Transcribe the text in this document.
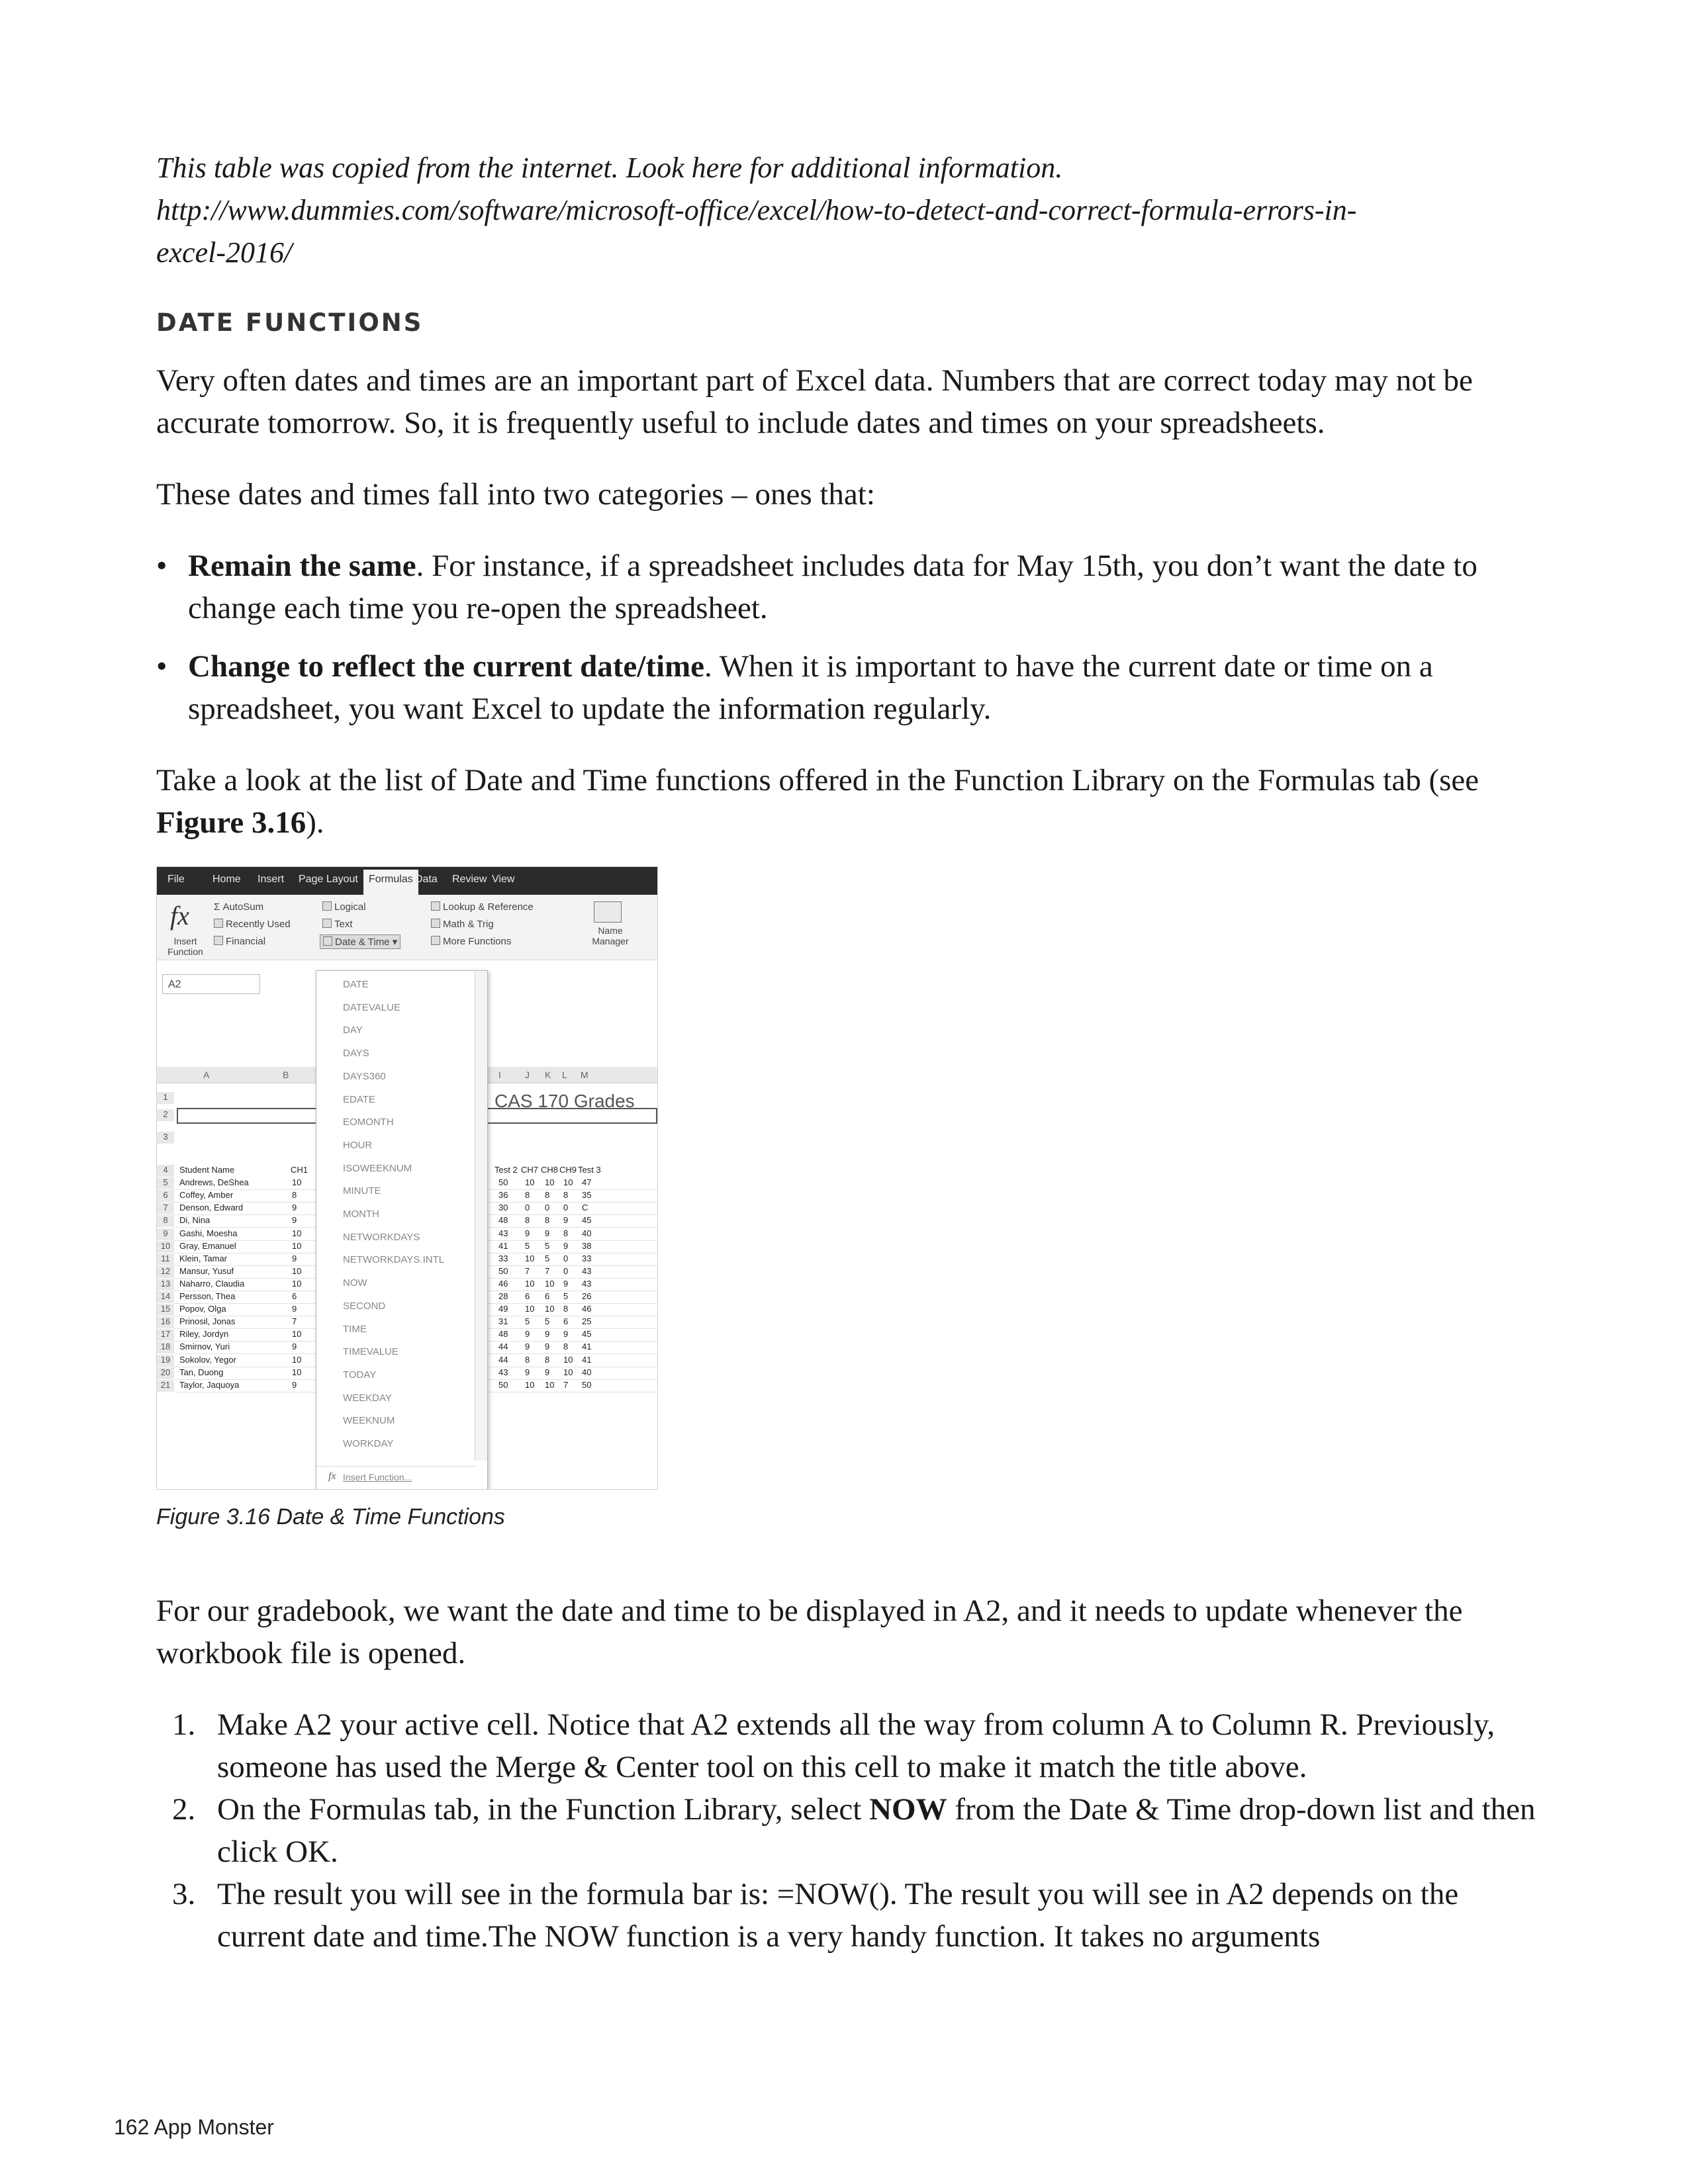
This table was copied from the internet. Look here for additional information.
http://www.dummies.com/software/microsoft-office/excel/how-to-detect-and-correct-formula-errors-in-
excel-2016/

DATE FUNCTIONS

Very often dates and times are an important part of Excel data. Numbers that are correct today may not be accurate tomorrow. So, it is frequently useful to include dates and times on your spreadsheets.

These dates and times fall into two categories – ones that:

• Remain the same. For instance, if a spreadsheet includes data for May 15th, you don’t want the date to change each time you re-open the spreadsheet.
• Change to reflect the current date/time. When it is important to have the current date or time on a spreadsheet, you want Excel to update the information regularly.

Take a look at the list of Date and Time functions offered in the Function Library on the Formulas tab (see Figure 3.16).

File	Home Insert Page Layout	Formulas Data Review View
fx
Insert Function
Σ AutoSum
Recently Used
Financial
Logical
Text
Date & Time ▾
Lookup & Reference
Math & Trig
More Functions
Name Manager
A2
A	B	I	J K L M
CAS 170 Grades
1
2
3
4	Student Name	CH1	Test 2 CH7 CH8 CH9 Test 3
5	Andrews, DeShea	10	50 10 10 10 47
6	Coffey, Amber	8	36 8 8 8 35
7	Denson, Edward	9	30 0 0 0 C
8	Di, Nina	9	48 8 8 9 45
9	Gashi, Moesha	10	43 9 9 8 40
10	Gray, Emanuel	10	41 5 5 9 38
11	Klein, Tamar	9	33 10 5 0 33
12	Mansur, Yusuf	10	50 7 7 0 43
13	Naharro, Claudia	10	46 10 10 9 43
14	Persson, Thea	6	28 6 6 5 26
15	Popov, Olga	9	49 10 10 8 46
16	Prinosil, Jonas	7	31 5 5 6 25
17	Riley, Jordyn	10	48 9 9 9 45
18	Smirnov, Yuri	9	44 9 9 8 41
19	Sokolov, Yegor	10	44 8 8 10 41
20	Tan, Duong	10	43 9 9 10 40
21	Taylor, Jaquoya	9	50 10 10 7 50
fx Insert Function...
DATE
DATEVALUE
DAY
DAYS
DAYS360
EDATE
EOMONTH
HOUR
ISOWEEKNUM
MINUTE
MONTH
NETWORKDAYS
NETWORKDAYS.INTL
NOW
SECOND
TIME
TIMEVALUE
TODAY
WEEKDAY
WEEKNUM
WORKDAY
Figure 3.16 Date & Time Functions

For our gradebook, we want the date and time to be displayed in A2, and it needs to update whenever the workbook file is opened.

1. Make A2 your active cell. Notice that A2 extends all the way from column A to Column R. Previously, someone has used the Merge & Center tool on this cell to make it match the title above.
2. On the Formulas tab, in the Function Library, select NOW from the Date & Time drop-down list and then click OK.
3. The result you will see in the formula bar is: =NOW(). The result you will see in A2 depends on the current date and time.The NOW function is a very handy function. It takes no arguments
162 App Monster
